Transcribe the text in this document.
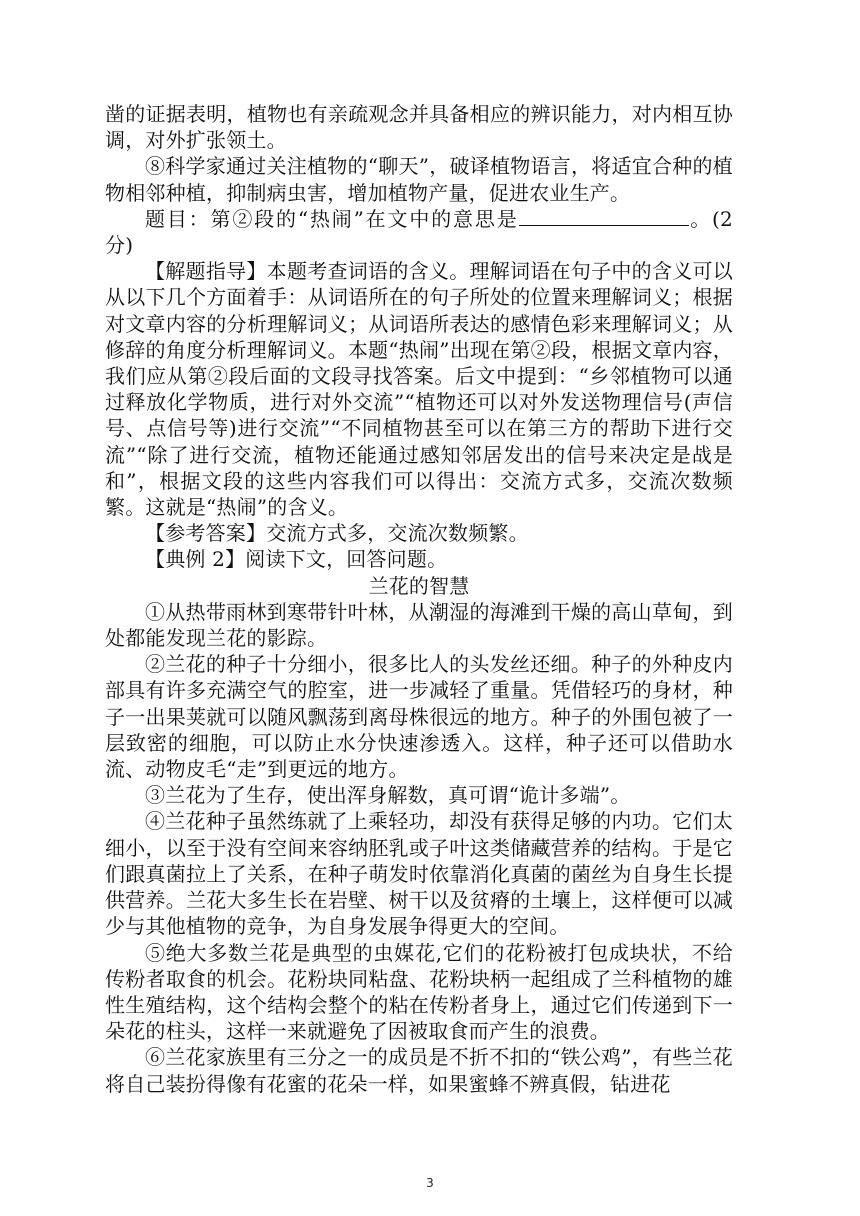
凿的证据表明，植物也有亲疏观念并具备相应的辨识能力，对内相互协调，对外扩张领土。

⑧科学家通过关注植物的“聊天”，破译植物语言，将适宜合种的植物相邻种植，抑制病虫害，增加植物产量，促进农业生产。

题目：第②段的“热闹”在文中的意思是	。(2 分)

【解题指导】本题考查词语的含义。理解词语在句子中的含义可以从以下几个方面着手：从词语所在的句子所处的位置来理解词义；根据对文章内容的分析理解词义；从词语所表达的感情色彩来理解词义；从修辞的角度分析理解词义。本题“热闹”出现在第②段，根据文章内容，我们应从第②段后面的文段寻找答案。后文中提到：“乡邻植物可以通过释放化学物质，进行对外交流”“植物还可以对外发送物理信号(声信号、点信号等)进行交流”“不同植物甚至可以在第三方的帮助下进行交流”“除了进行交流，植物还能通过感知邻居发出的信号来决定是战是和”，根据文段的这些内容我们可以得出：交流方式多，交流次数频繁。这就是“热闹”的含义。

【参考答案】交流方式多，交流次数频繁。

【典例 2】阅读下文，回答问题。

兰花的智慧

①从热带雨林到寒带针叶林，从潮湿的海滩到干燥的高山草甸，到处都能发现兰花的影踪。

②兰花的种子十分细小，很多比人的头发丝还细。种子的外种皮内部具有许多充满空气的腔室，进一步减轻了重量。凭借轻巧的身材，种子一出果荚就可以随风飘荡到离母株很远的地方。种子的外围包被了一层致密的细胞，可以防止水分快速渗透入。这样，种子还可以借助水流、动物皮毛“走”到更远的地方。

③兰花为了生存，使出浑身解数，真可谓“诡计多端”。

④兰花种子虽然练就了上乘轻功，却没有获得足够的内功。它们太细小，以至于没有空间来容纳胚乳或子叶这类储藏营养的结构。于是它们跟真菌拉上了关系，在种子萌发时依靠消化真菌的菌丝为自身生长提供营养。兰花大多生长在岩壁、树干以及贫瘠的土壤上，这样便可以减少与其他植物的竞争，为自身发展争得更大的空间。

⑤绝大多数兰花是典型的虫媒花,它们的花粉被打包成块状，不给传粉者取食的机会。花粉块同粘盘、花粉块柄一起组成了兰科植物的雄性生殖结构，这个结构会整个的粘在传粉者身上，通过它们传递到下一朵花的柱头，这样一来就避免了因被取食而产生的浪费。

⑥兰花家族里有三分之一的成员是不折不扣的“铁公鸡”，有些兰花将自己装扮得像有花蜜的花朵一样，如果蜜蜂不辨真假，钻进花

3
